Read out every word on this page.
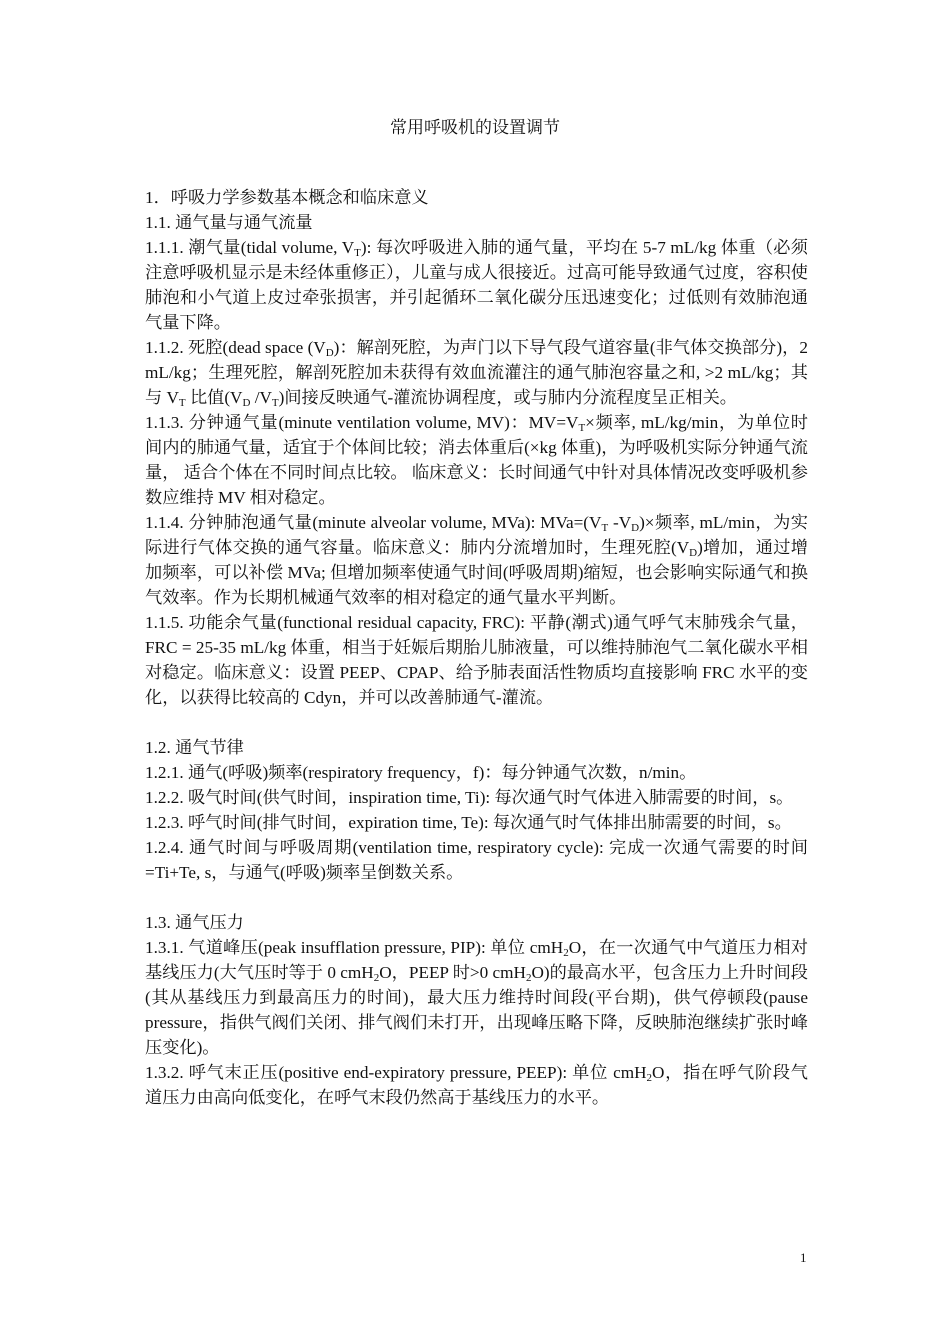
常用呼吸机的设置调节

1．呼吸力学参数基本概念和临床意义

1.1. 通气量与通气流量

1.1.1. 潮气量(tidal volume, $V_T$): 每次呼吸进入肺的通气量，平均在 5-7 mL/kg 体重（必须注意呼吸机显示是未经体重修正），儿童与成人很接近。过高可能导致通气过度，容积使肺泡和小气道上皮过牵张损害，并引起循环二氧化碳分压迅速变化；过低则有效肺泡通气量下降。

1.1.2. 死腔(dead space $(V_D)$：解剖死腔，为声门以下导气段气道容量(非气体交换部分)，2 mL/kg；生理死腔，解剖死腔加未获得有效血流灌注的通气肺泡容量之和, >2 mL/kg；其与 $V_T$ 比值($V_D$ $/V_T$)间接反映通气-灌流协调程度，或与肺内分流程度呈正相关。

1.1.3. 分钟通气量(minute ventilation volume, MV)：$MV=V_T\times$频率, mL/kg/min，为单位时间内的肺通气量，适宜于个体间比较；消去体重后(×kg 体重)，为呼吸机实际分钟通气流量， 适合个体在不同时间点比较。 临床意义：长时间通气中针对具体情况改变呼吸机参数应维持 MV 相对稳定。

1.1.4. 分钟肺泡通气量(minute alveolar volume, MVa): $MVa=(V_T$ $-V_D)\times$频率, mL/min，为实际进行气体交换的通气容量。临床意义：肺内分流增加时，生理死腔$(V_D)$增加，通过增加频率，可以补偿 MVa; 但增加频率使通气时间(呼吸周期)缩短，也会影响实际通气和换气效率。作为长期机械通气效率的相对稳定的通气量水平判断。

1.1.5. 功能余气量(functional residual capacity, FRC): 平静(潮式)通气呼气末肺残余气量，FRC = 25-35 mL/kg 体重，相当于妊娠后期胎儿肺液量，可以维持肺泡气二氧化碳水平相对稳定。临床意义：设置 PEEP、CPAP、给予肺表面活性物质均直接影响 FRC 水平的变化，以获得比较高的 Cdyn，并可以改善肺通气-灌流。

1.2. 通气节律

1.2.1. 通气(呼吸)频率(respiratory frequency，f)：每分钟通气次数，n/min。

1.2.2. 吸气时间(供气时间，inspiration time, Ti): 每次通气时气体进入肺需要的时间，s。

1.2.3. 呼气时间(排气时间，expiration time, Te): 每次通气时气体排出肺需要的时间，s。

1.2.4. 通气时间与呼吸周期(ventilation time, respiratory cycle): 完成一次通气需要的时间=Ti+Te, s，与通气(呼吸)频率呈倒数关系。

1.3. 通气压力

1.3.1. 气道峰压(peak insufflation pressure, PIP): 单位 cmH$_2$O，在一次通气中气道压力相对基线压力(大气压时等于 0 cmH$_2$O，PEEP 时>0 cmH$_2$O)的最高水平，包含压力上升时间段(其从基线压力到最高压力的时间)，最大压力维持时间段(平台期)，供气停顿段(pause pressure，指供气阀们关闭、排气阀们未打开，出现峰压略下降，反映肺泡继续扩张时峰压变化)。

1.3.2. 呼气末正压(positive end-expiratory pressure, PEEP): 单位 cmH$_2$O，指在呼气阶段气道压力由高向低变化，在呼气末段仍然高于基线压力的水平。

1
